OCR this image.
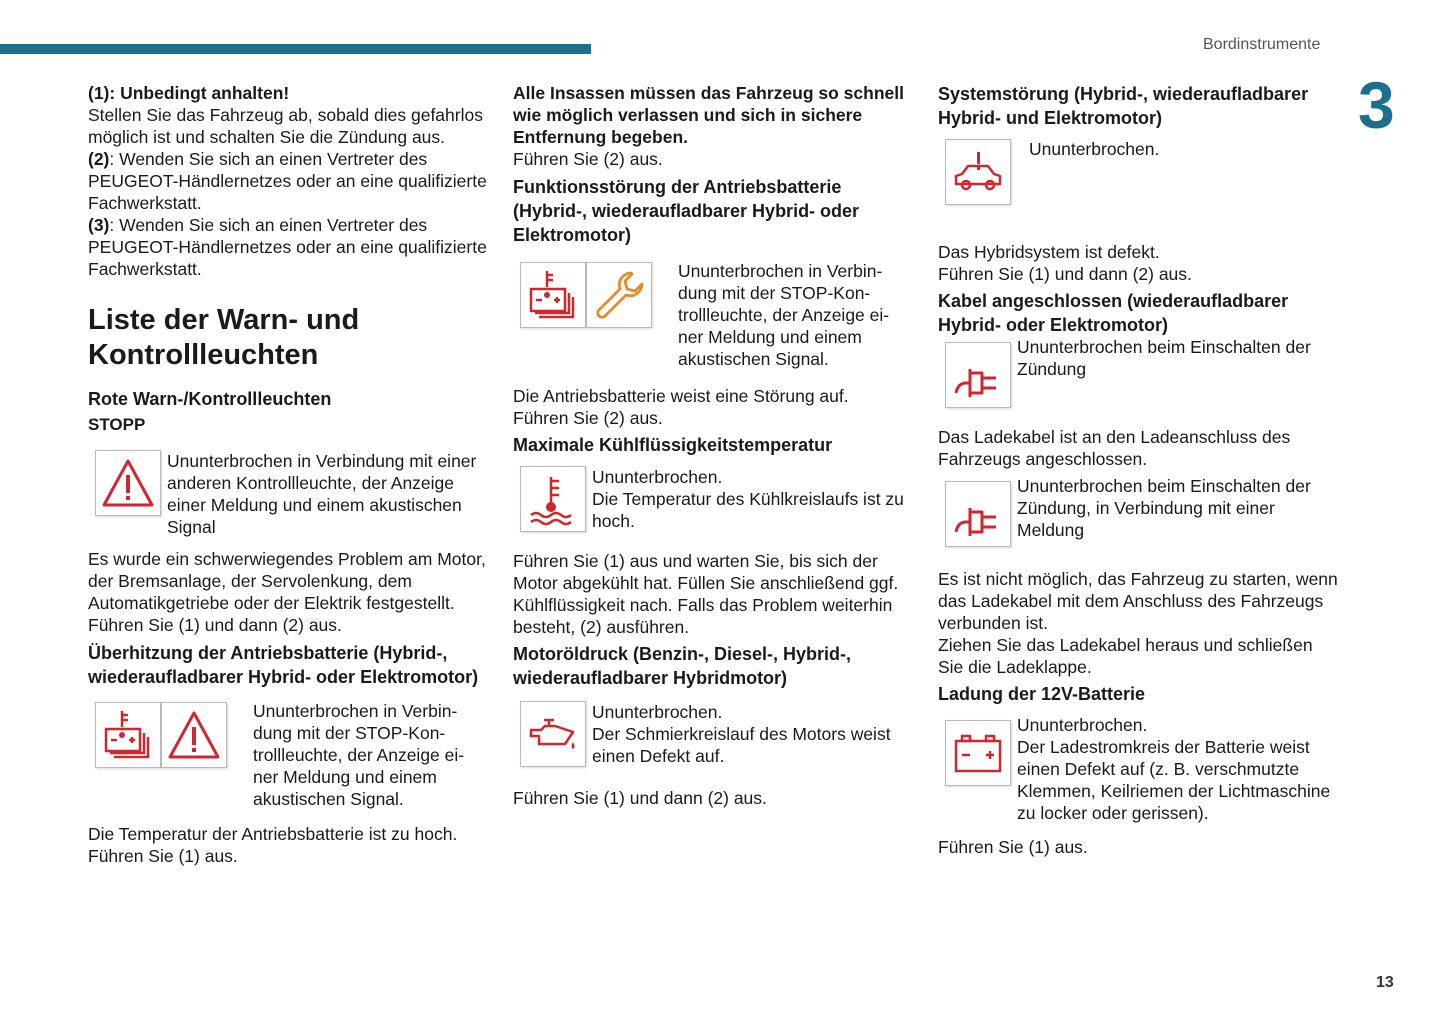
Bordinstrumente
3
13

(1): Unbedingt anhalten!
Stellen Sie das Fahrzeug ab, sobald dies gefahrlos möglich ist und schalten Sie die Zündung aus.

(2): Wenden Sie sich an einen Vertreter des PEUGEOT-Händlernetzes oder an eine qualifizierte Fachwerkstatt.

(3): Wenden Sie sich an einen Vertreter des PEUGEOT-Händlernetzes oder an eine qualifizierte Fachwerkstatt.

Liste der Warn- und Kontrollleuchten
Rote Warn-/Kontrollleuchten
STOPP

Ununterbrochen in Verbindung mit einer anderen Kontrollleuchte, der Anzeige einer Meldung und einem akustischen Signal

Es wurde ein schwerwiegendes Problem am Motor, der Bremsanlage, der Servolenkung, dem Automatikgetriebe oder der Elektrik festgestellt. Führen Sie (1) und dann (2) aus.

Überhitzung der Antriebsbatterie (Hybrid-, wiederaufladbarer Hybrid- oder Elektromotor)

Ununterbrochen in Verbin-dung mit der STOP-Kon-trollleuchte, der Anzeige ei-ner Meldung und einem akustischen Signal.

Die Temperatur der Antriebsbatterie ist zu hoch.

Führen Sie (1) aus.

Alle Insassen müssen das Fahrzeug so schnell wie möglich verlassen und sich in sichere Entfernung begeben.

Führen Sie (2) aus.

Funktionsstörung der Antriebsbatterie (Hybrid-, wiederaufladbarer Hybrid- oder Elektromotor)

Ununterbrochen in Verbin-dung mit der STOP-Kon-trollleuchte, der Anzeige ei-ner Meldung und einem akustischen Signal.

Die Antriebsbatterie weist eine Störung auf.

Führen Sie (2) aus.

Maximale Kühlflüssigkeitstemperatur

Ununterbrochen.

Die Temperatur des Kühlkreislaufs ist zu hoch.

Führen Sie (1) aus und warten Sie, bis sich der Motor abgekühlt hat. Füllen Sie anschließend ggf. Kühlflüssigkeit nach. Falls das Problem weiterhin besteht, (2) ausführen.

Motoröldruck (Benzin-, Diesel-, Hybrid-, wiederaufladbarer Hybridmotor)

Ununterbrochen.

Der Schmierkreislauf des Motors weist einen Defekt auf.

Führen Sie (1) und dann (2) aus.

Systemstörung (Hybrid-, wiederaufladbarer Hybrid- und Elektromotor)

Ununterbrochen.

Das Hybridsystem ist defekt.

Führen Sie (1) und dann (2) aus.

Kabel angeschlossen (wiederaufladbarer Hybrid- oder Elektromotor)

Ununterbrochen beim Einschalten der Zündung

Das Ladekabel ist an den Ladeanschluss des Fahrzeugs angeschlossen.

Ununterbrochen beim Einschalten der Zündung, in Verbindung mit einer Meldung

Es ist nicht möglich, das Fahrzeug zu starten, wenn das Ladekabel mit dem Anschluss des Fahrzeugs verbunden ist.

Ziehen Sie das Ladekabel heraus und schließen Sie die Ladeklappe.

Ladung der 12V-Batterie

Ununterbrochen.

Der Ladestromkreis der Batterie weist einen Defekt auf (z. B. verschmutzte Klemmen, Keilriemen der Lichtmaschine zu locker oder gerissen).

Führen Sie (1) aus.
